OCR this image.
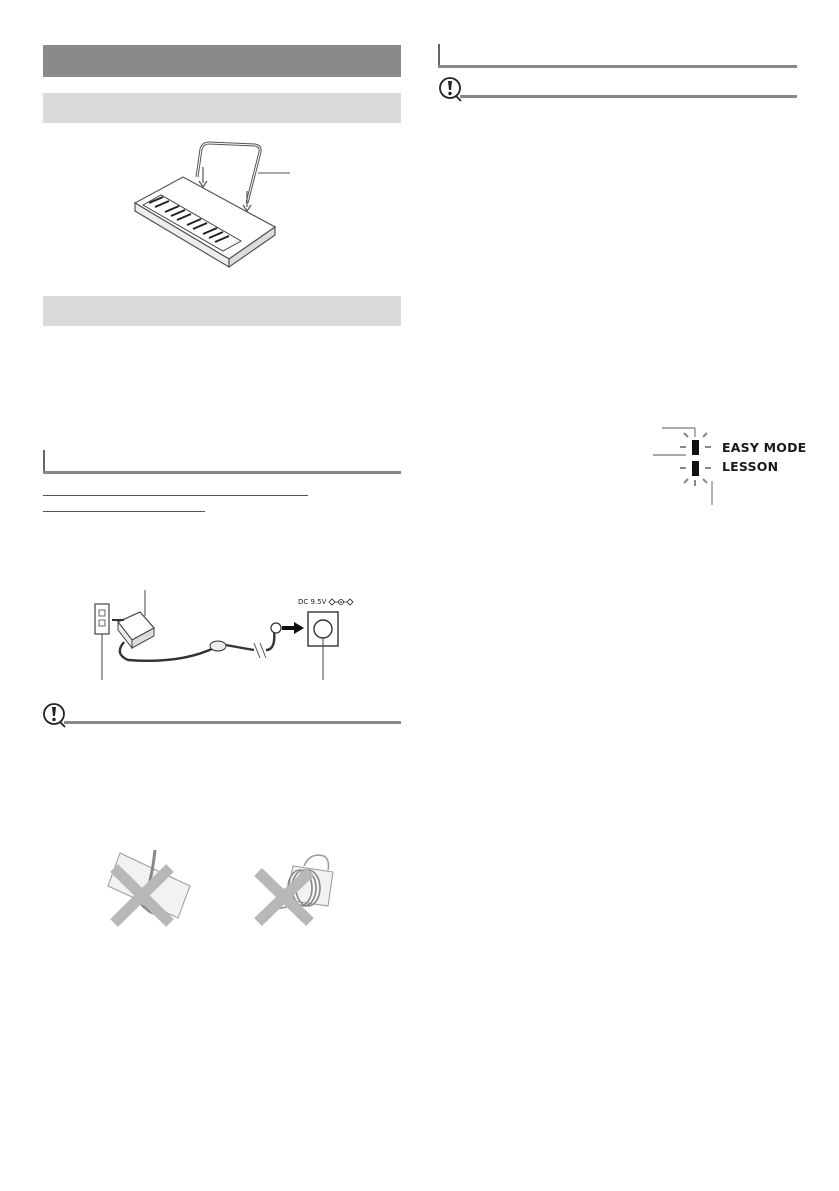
DC 9.5V
EASY MODE
LESSON
